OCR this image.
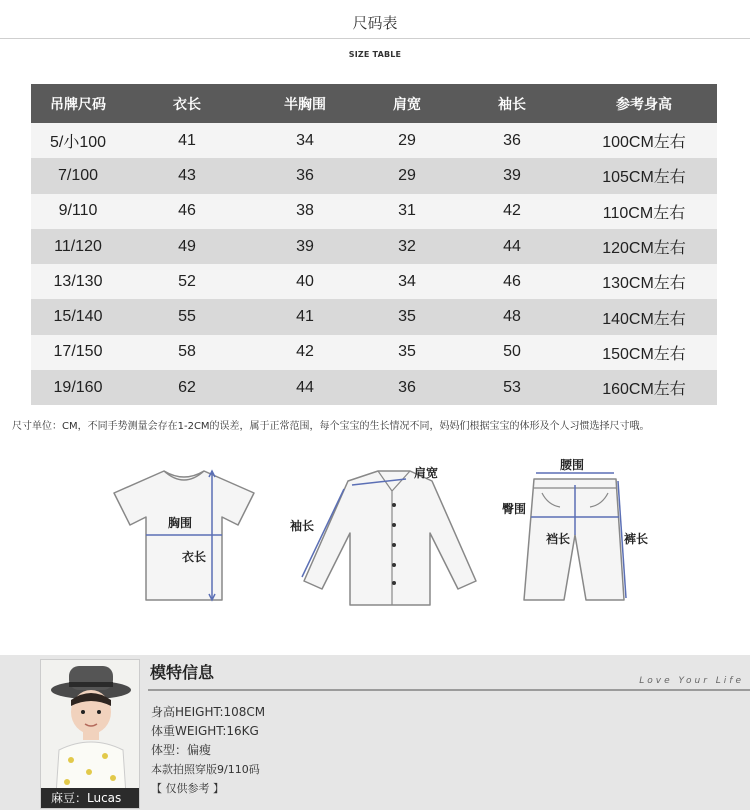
尺码表
SIZE TABLE
吊牌尺码	衣长	半胸围	肩宽	袖长	参考身高
5/小100	41	34	29	36	100CM左右
7/100	43	36	29	39	105CM左右
9/110	46	38	31	42	110CM左右
11/120	49	39	32	44	120CM左右
13/130	52	40	34	46	130CM左右
15/140	55	41	35	48	140CM左右
17/150	58	42	35	50	150CM左右
19/160	62	44	36	53	160CM左右
尺寸单位：CM，不同手势测量会存在1-2CM的误差，属于正常范围，每个宝宝的生长情况不同，妈妈们根据宝宝的体形及个人习惯选择尺寸哦。
胸围
衣长
肩宽
袖长
腰围
臀围
裆长	裤长
麻豆：Lucas
模特信息	Love Your Life
身高HEIGHT:108CM
体重WEIGHT:16KG
体型：偏瘦
本款拍照穿版9/110码
【 仅供参考 】
